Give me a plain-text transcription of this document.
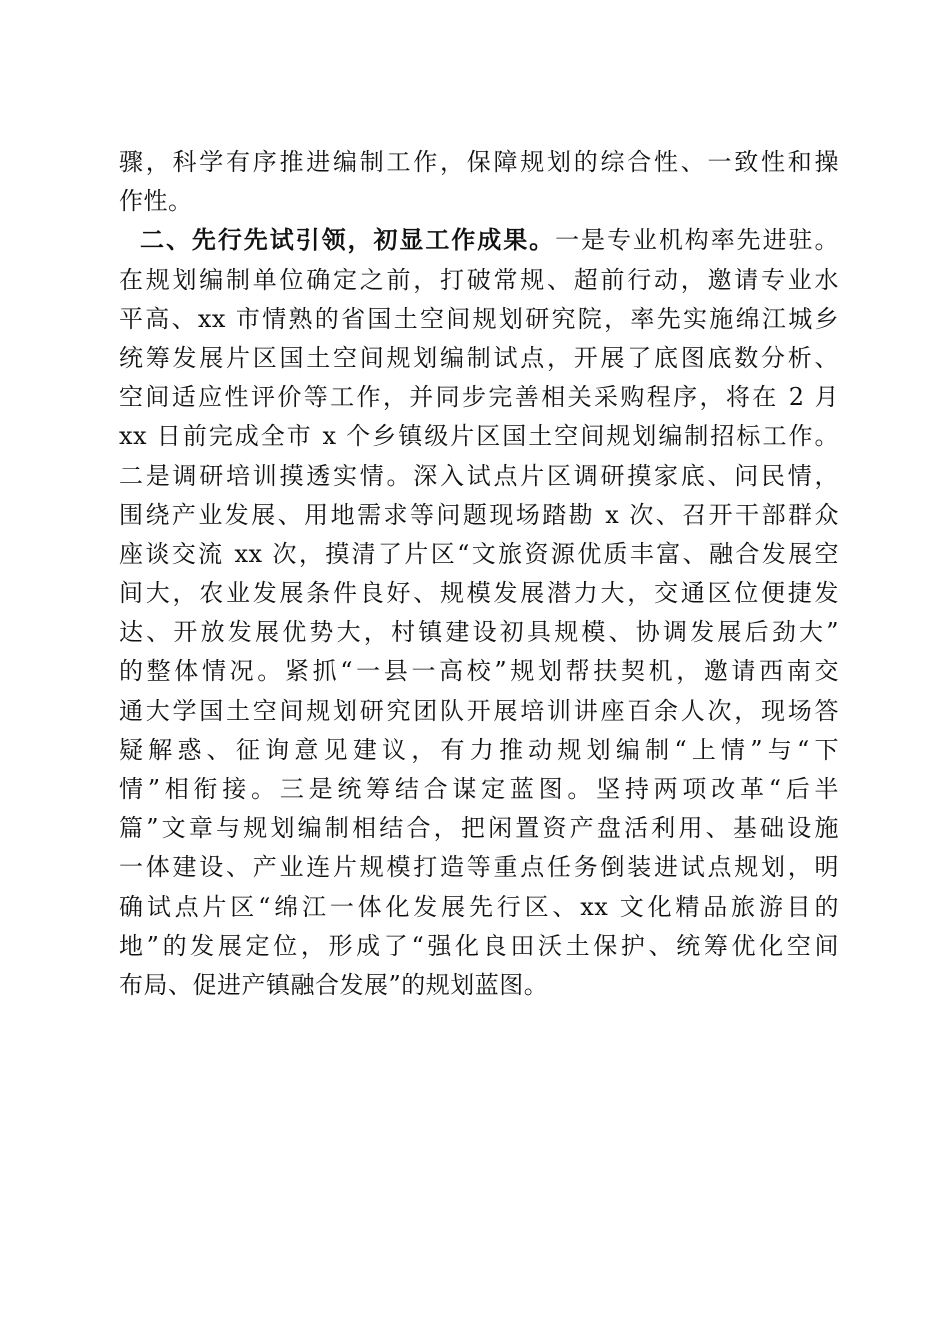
骤，科学有序推进编制工作，保障规划的综合性、一致性和操
作性。
二、先行先试引领，初显工作成果。一是专业机构率先进驻。
在规划编制单位确定之前，打破常规、超前行动，邀请专业水
平高、xx 市情熟的省国土空间规划研究院，率先实施绵江城乡
统筹发展片区国土空间规划编制试点，开展了底图底数分析、
空间适应性评价等工作，并同步完善相关采购程序，将在 2 月
xx 日前完成全市 x 个乡镇级片区国土空间规划编制招标工作。
二是调研培训摸透实情。深入试点片区调研摸家底、问民情，
围绕产业发展、用地需求等问题现场踏勘 x 次、召开干部群众
座谈交流 xx 次，摸清了片区“文旅资源优质丰富、融合发展空
间大，农业发展条件良好、规模发展潜力大，交通区位便捷发
达、开放发展优势大，村镇建设初具规模、协调发展后劲大”
的整体情况。紧抓“一县一高校”规划帮扶契机，邀请西南交
通大学国土空间规划研究团队开展培训讲座百余人次，现场答
疑解惑、征询意见建议，有力推动规划编制“上情”与“下
情”相衔接。三是统筹结合谋定蓝图。坚持两项改革“后半
篇”文章与规划编制相结合，把闲置资产盘活利用、基础设施
一体建设、产业连片规模打造等重点任务倒装进试点规划，明
确试点片区“绵江一体化发展先行区、xx 文化精品旅游目的
地”的发展定位，形成了“强化良田沃土保护、统筹优化空间
布局、促进产镇融合发展”的规划蓝图。
